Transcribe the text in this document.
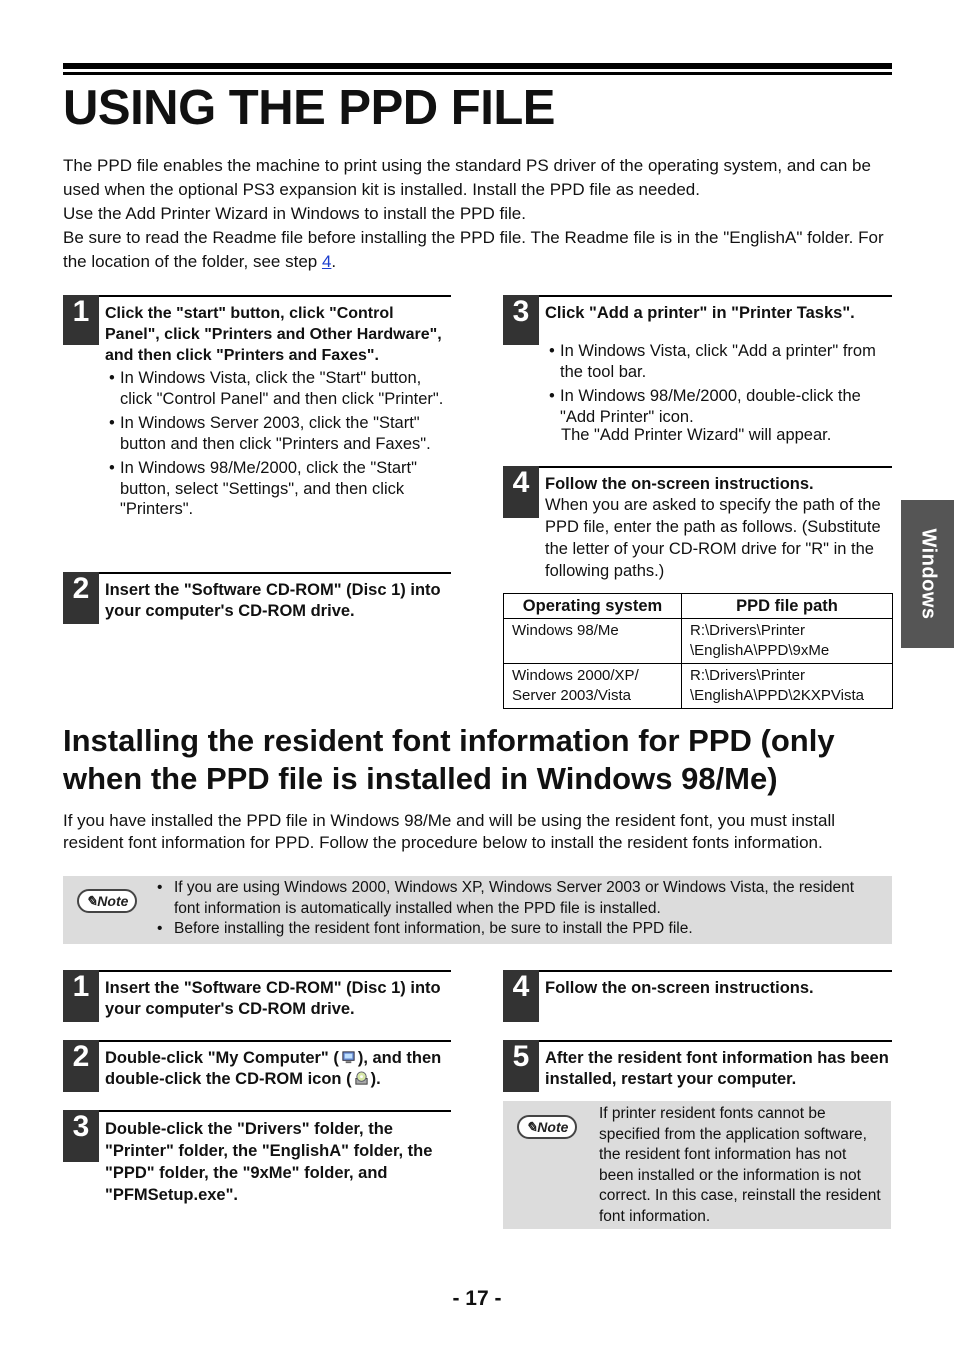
USING THE PPD FILE
The PPD file enables the machine to print using the standard PS driver of the operating system, and can be used when the optional PS3 expansion kit is installed. Install the PPD file as needed.
Use the Add Printer Wizard in Windows to install the PPD file.
Be sure to read the Readme file before installing the PPD file. The Readme file is in the "EnglishA" folder. For the location of the folder, see step 4.
1 Click the "start" button, click "Control Panel", click "Printers and Other Hardware", and then click "Printers and Faxes".
• In Windows Vista, click the "Start" button, click "Control Panel" and then click "Printer".
• In Windows Server 2003, click the "Start" button and then click "Printers and Faxes".
• In Windows 98/Me/2000, click the "Start" button, select "Settings", and then click "Printers".
2 Insert the "Software CD-ROM" (Disc 1) into your computer's CD-ROM drive.
3 Click "Add a printer" in "Printer Tasks".
• In Windows Vista, click "Add a printer" from the tool bar.
• In Windows 98/Me/2000, double-click the "Add Printer" icon.
The "Add Printer Wizard" will appear.
4 Follow the on-screen instructions.
When you are asked to specify the path of the PPD file, enter the path as follows. (Substitute the letter of your CD-ROM drive for "R" in the following paths.)
Operating system	PPD file path
Windows 98/Me	R:\Drivers\Printer \EnglishA\PPD\9xMe
Windows 2000/XP/ Server 2003/Vista	R:\Drivers\Printer \EnglishA\PPD\2KXPVista
Installing the resident font information for PPD (only when the PPD file is installed in Windows 98/Me)
If you have installed the PPD file in Windows 98/Me and will be using the resident font, you must install resident font information for PPD. Follow the procedure below to install the resident fonts information.
✎Note
• If you are using Windows 2000, Windows XP, Windows Server 2003 or Windows Vista, the resident font information is automatically installed when the PPD file is installed.
• Before installing the resident font information, be sure to install the PPD file.
1 Insert the "Software CD-ROM" (Disc 1) into your computer's CD-ROM drive.
2 Double-click "My Computer" ( ), and then double-click the CD-ROM icon ( ).
3 Double-click the "Drivers" folder, the "Printer" folder, the "EnglishA" folder, the "PPD" folder, the "9xMe" folder, and "PFMSetup.exe".
4 Follow the on-screen instructions.
5 After the resident font information has been installed, restart your computer.
✎Note
If printer resident fonts cannot be specified from the application software, the resident font information has not been installed or the information is not correct. In this case, reinstall the resident font information.
Windows
- 17 -
